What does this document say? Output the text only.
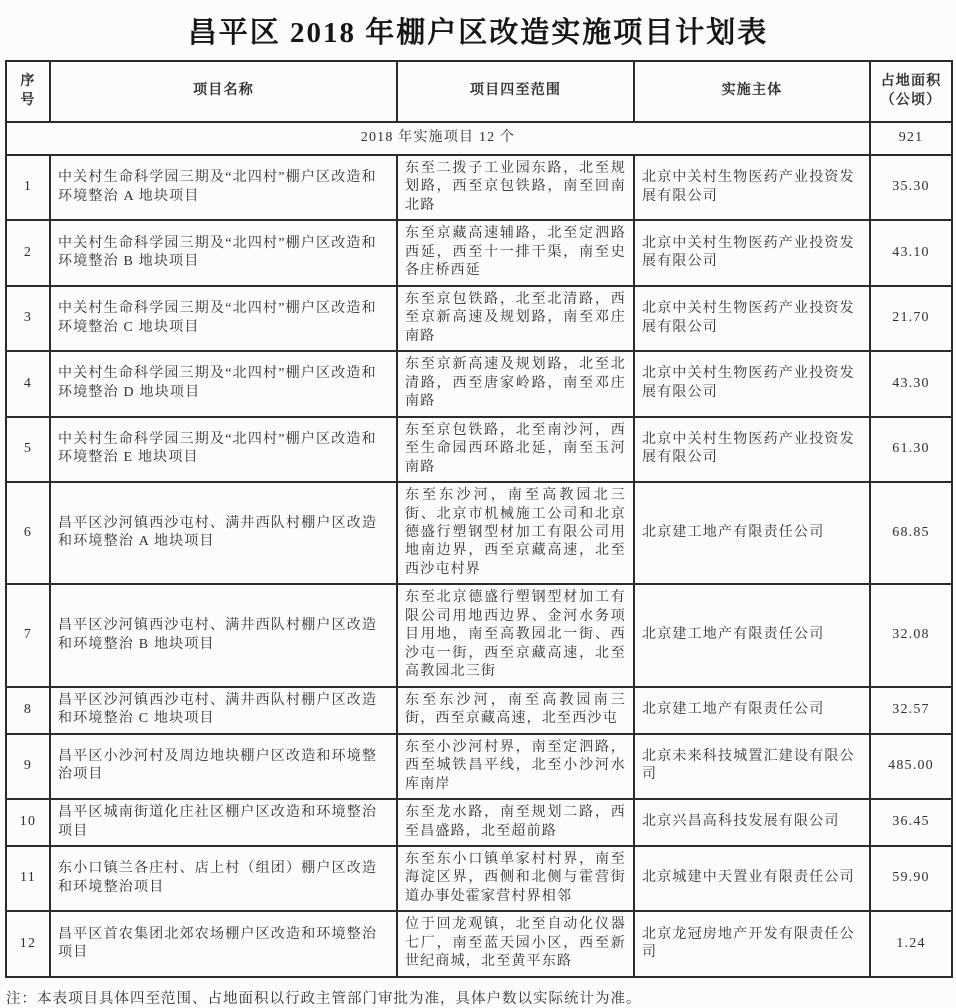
昌平区 2018 年棚户区改造实施项目计划表
序号	项目名称	项目四至范围	实施主体	占地面积
（公顷）

2018 年实施项目 12 个				921
1	中关村生命科学园三期及“北四村”棚户区改造和环境整治 A 地块项目	东至二拨子工业园东路，北至规划路，西至京包铁路，南至回南北路	北京中关村生物医药产业投资发展有限公司	35.30
2	中关村生命科学园三期及“北四村”棚户区改造和环境整治 B 地块项目	东至京藏高速辅路，北至定泗路西延，西至十一排干渠，南至史各庄桥西延	北京中关村生物医药产业投资发展有限公司	43.10
3	中关村生命科学园三期及“北四村”棚户区改造和环境整治 C 地块项目	东至京包铁路，北至北清路，西至京新高速及规划路，南至邓庄南路	北京中关村生物医药产业投资发展有限公司	21.70
4	中关村生命科学园三期及“北四村”棚户区改造和环境整治 D 地块项目	东至京新高速及规划路，北至北清路，西至唐家岭路，南至邓庄南路	北京中关村生物医药产业投资发展有限公司	43.30
5	中关村生命科学园三期及“北四村”棚户区改造和环境整治 E 地块项目	东至京包铁路，北至南沙河，西至生命园西环路北延，南至玉河南路	北京中关村生物医药产业投资发展有限公司	61.30
6	昌平区沙河镇西沙屯村、满井西队村棚户区改造和环境整治 A 地块项目	东至东沙河，南至高教园北三街、北京市机械施工公司和北京德盛行塑钢型材加工有限公司用地南边界，西至京藏高速，北至西沙屯村界	北京建工地产有限责任公司	68.85
7	昌平区沙河镇西沙屯村、满井西队村棚户区改造和环境整治 B 地块项目	东至北京德盛行塑钢型材加工有限公司用地西边界、金河水务项目用地，南至高教园北一街、西沙屯一街，西至京藏高速，北至高教园北三街	北京建工地产有限责任公司	32.08
8	昌平区沙河镇西沙屯村、满井西队村棚户区改造和环境整治 C 地块项目	东至东沙河，南至高教园南三街，西至京藏高速，北至西沙屯	北京建工地产有限责任公司	32.57
9	昌平区小沙河村及周边地块棚户区改造和环境整治项目	东至小沙河村界，南至定泗路，西至城铁昌平线，北至小沙河水库南岸	北京未来科技城置汇建设有限公司	485.00
10	昌平区城南街道化庄社区棚户区改造和环境整治项目	东至龙水路，南至规划二路，西至昌盛路，北至超前路	北京兴昌高科技发展有限公司	36.45
11	东小口镇兰各庄村、店上村（组团）棚户区改造和环境整治项目	东至东小口镇单家村村界，南至海淀区界，西侧和北侧与霍营街道办事处霍家营村界相邻	北京城建中天置业有限责任公司	59.90
12	昌平区首农集团北郊农场棚户区改造和环境整治项目	位于回龙观镇，北至自动化仪器七厂，南至蓝天园小区，西至新世纪商城，北至黄平东路	北京龙冠房地产开发有限责任公司	1.24

注：本表项目具体四至范围、占地面积以行政主管部门审批为准，具体户数以实际统计为准。
